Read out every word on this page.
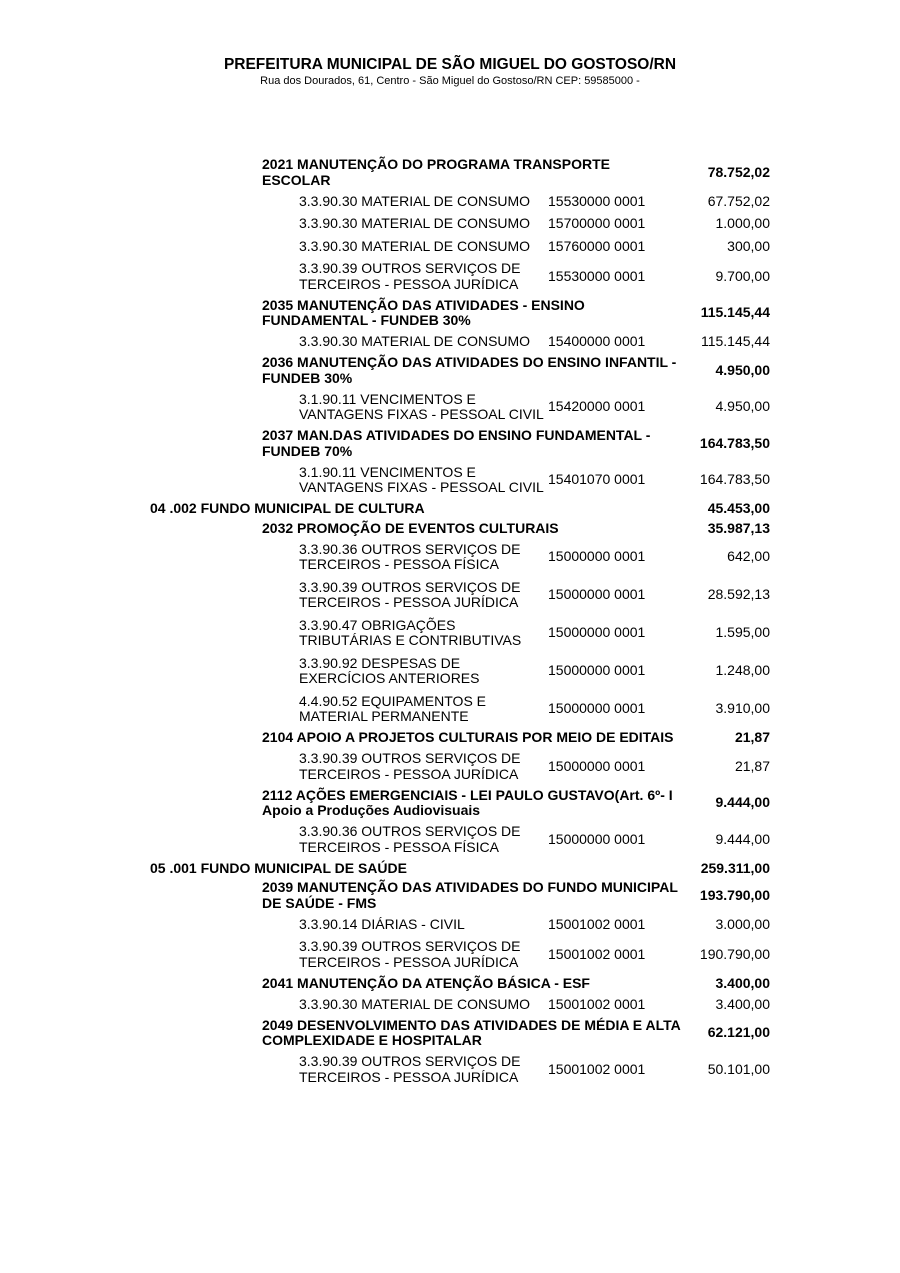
PREFEITURA MUNICIPAL DE SÃO MIGUEL DO GOSTOSO/RN
Rua dos Dourados, 61, Centro - São Miguel do Gostoso/RN CEP: 59585000 -
2021 MANUTENÇÃO DO PROGRAMA TRANSPORTE ESCOLAR	78.752,02
3.3.90.30 MATERIAL DE CONSUMO	15530000 0001	67.752,02
3.3.90.30 MATERIAL DE CONSUMO	15700000 0001	1.000,00
3.3.90.30 MATERIAL DE CONSUMO	15760000 0001	300,00
3.3.90.39 OUTROS SERVIÇOS DE TERCEIROS - PESSOA JURÍDICA	15530000 0001	9.700,00
2035 MANUTENÇÃO DAS ATIVIDADES - ENSINO FUNDAMENTAL - FUNDEB 30%	115.145,44
3.3.90.30 MATERIAL DE CONSUMO	15400000 0001	115.145,44
2036 MANUTENÇÃO DAS ATIVIDADES DO ENSINO INFANTIL - FUNDEB 30%	4.950,00
3.1.90.11 VENCIMENTOS E VANTAGENS FIXAS - PESSOAL CIVIL 15420000 0001	4.950,00
2037 MAN.DAS ATIVIDADES DO ENSINO FUNDAMENTAL - FUNDEB 70%	164.783,50
3.1.90.11 VENCIMENTOS E VANTAGENS FIXAS - PESSOAL CIVIL 15401070 0001	164.783,50
04 .002 FUNDO MUNICIPAL DE CULTURA	45.453,00
2032 PROMOÇÃO DE EVENTOS CULTURAIS	35.987,13
3.3.90.36 OUTROS SERVIÇOS DE TERCEIROS - PESSOA FÍSICA	15000000 0001	642,00
3.3.90.39 OUTROS SERVIÇOS DE TERCEIROS - PESSOA JURÍDICA	15000000 0001	28.592,13
3.3.90.47 OBRIGAÇÕES TRIBUTÁRIAS E CONTRIBUTIVAS	15000000 0001	1.595,00
3.3.90.92 DESPESAS DE EXERCÍCIOS ANTERIORES	15000000 0001	1.248,00
4.4.90.52 EQUIPAMENTOS E MATERIAL PERMANENTE	15000000 0001	3.910,00
2104 APOIO A PROJETOS CULTURAIS POR MEIO DE EDITAIS	21,87
3.3.90.39 OUTROS SERVIÇOS DE TERCEIROS - PESSOA JURÍDICA	15000000 0001	21,87
2112 AÇÕES EMERGENCIAIS - LEI PAULO GUSTAVO(Art. 6º- I Apoio a Produções Audiovisuais	9.444,00
3.3.90.36 OUTROS SERVIÇOS DE TERCEIROS - PESSOA FÍSICA	15000000 0001	9.444,00
05 .001 FUNDO MUNICIPAL DE SAÚDE	259.311,00
2039 MANUTENÇÃO DAS ATIVIDADES DO FUNDO MUNICIPAL DE SAÚDE - FMS	193.790,00
3.3.90.14 DIÁRIAS - CIVIL	15001002 0001	3.000,00
3.3.90.39 OUTROS SERVIÇOS DE TERCEIROS - PESSOA JURÍDICA	15001002 0001	190.790,00
2041 MANUTENÇÃO DA ATENÇÃO BÁSICA - ESF	3.400,00
3.3.90.30 MATERIAL DE CONSUMO	15001002 0001	3.400,00
2049 DESENVOLVIMENTO DAS ATIVIDADES DE MÉDIA E ALTA COMPLEXIDADE E HOSPITALAR	62.121,00
3.3.90.39 OUTROS SERVIÇOS DE TERCEIROS - PESSOA JURÍDICA	15001002 0001	50.101,00
